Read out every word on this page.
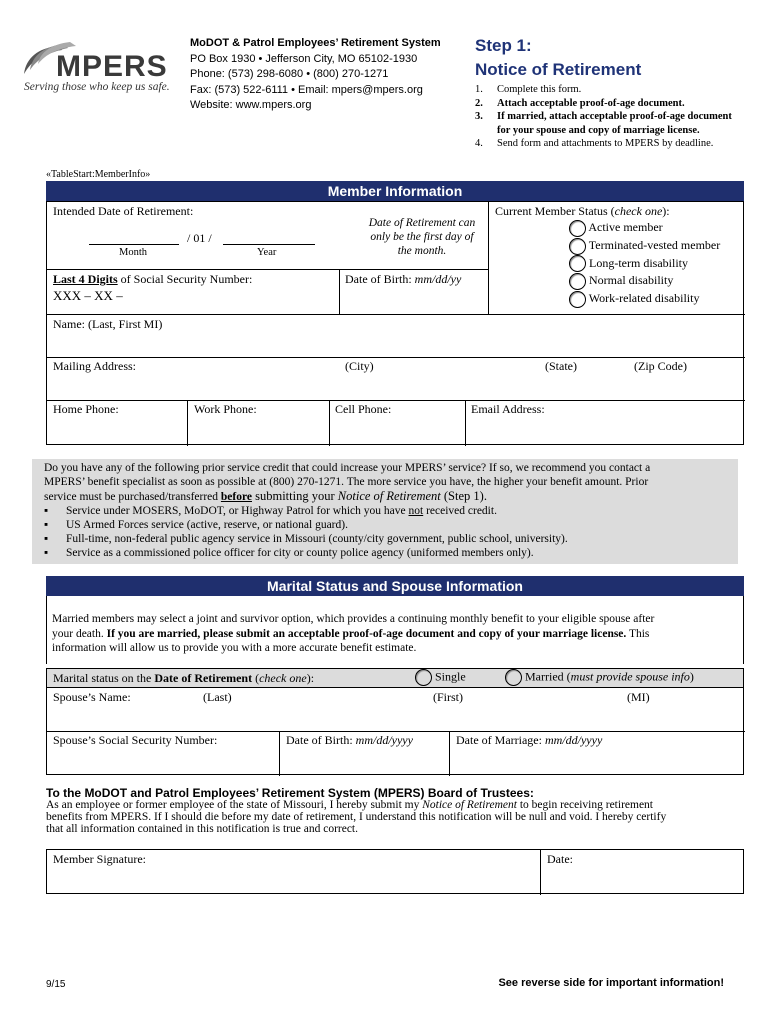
MPERS
Serving those who keep us safe.
MoDOT & Patrol Employees’ Retirement System
PO Box 1930 • Jefferson City, MO 65102-1930
Phone: (573) 298-6080 • (800) 270-1271
Fax: (573) 522-6111 • Email: mpers@mpers.org
Website: www.mpers.org
Step 1:
Notice of Retirement
1.	Complete this form.
2.	Attach acceptable proof-of-age document.
3.	If married, attach acceptable proof-of-age document
for your spouse and copy of marriage license.
4.	Send form and attachments to MPERS by deadline.
«TableStart:MemberInfo»
Member Information
Intended Date of Retirement:
/ 01 /
Month	Year
Date of Retirement can
only be the first day of
the month.
Current Member Status (check one):
Active member
Terminated-vested member
Long-term disability
Normal disability
Work-related disability
Last 4 Digits of Social Security Number:
XXX – XX –
Date of Birth: mm/dd/yy
Name: (Last, First MI)
Mailing Address:	(City)	(State)	(Zip Code)
Home Phone:	Work Phone:	Cell Phone:	Email Address:
Do you have any of the following prior service credit that could increase your MPERS’ service? If so, we recommend you contact a
MPERS’ benefit specialist as soon as possible at (800) 270-1271. The more service you have, the higher your benefit amount. Prior
service must be purchased/transferred before submitting your Notice of Retirement (Step 1).
▪	Service under MOSERS, MoDOT, or Highway Patrol for which you have not received credit.
▪	US Armed Forces service (active, reserve, or national guard).
▪	Full-time, non-federal public agency service in Missouri (county/city government, public school, university).
▪	Service as a commissioned police officer for city or county police agency (uniformed members only).
Marital Status and Spouse Information
Married members may select a joint and survivor option, which provides a continuing monthly benefit to your eligible spouse after
your death. If you are married, please submit an acceptable proof-of-age document and copy of your marriage license. This
information will allow us to provide you with a more accurate benefit estimate.
Marital status on the Date of Retirement (check one):	Single	Married (must provide spouse info)
Spouse’s Name:	(Last)	(First)	(MI)
Spouse’s Social Security Number:	Date of Birth: mm/dd/yyyy	Date of Marriage: mm/dd/yyyy
To the MoDOT and Patrol Employees’ Retirement System (MPERS) Board of Trustees:
As an employee or former employee of the state of Missouri, I hereby submit my Notice of Retirement to begin receiving retirement
benefits from MPERS. If I should die before my date of retirement, I understand this notification will be null and void. I hereby certify
that all information contained in this notification is true and correct.
Member Signature:	Date:
9/15	See reverse side for important information!
